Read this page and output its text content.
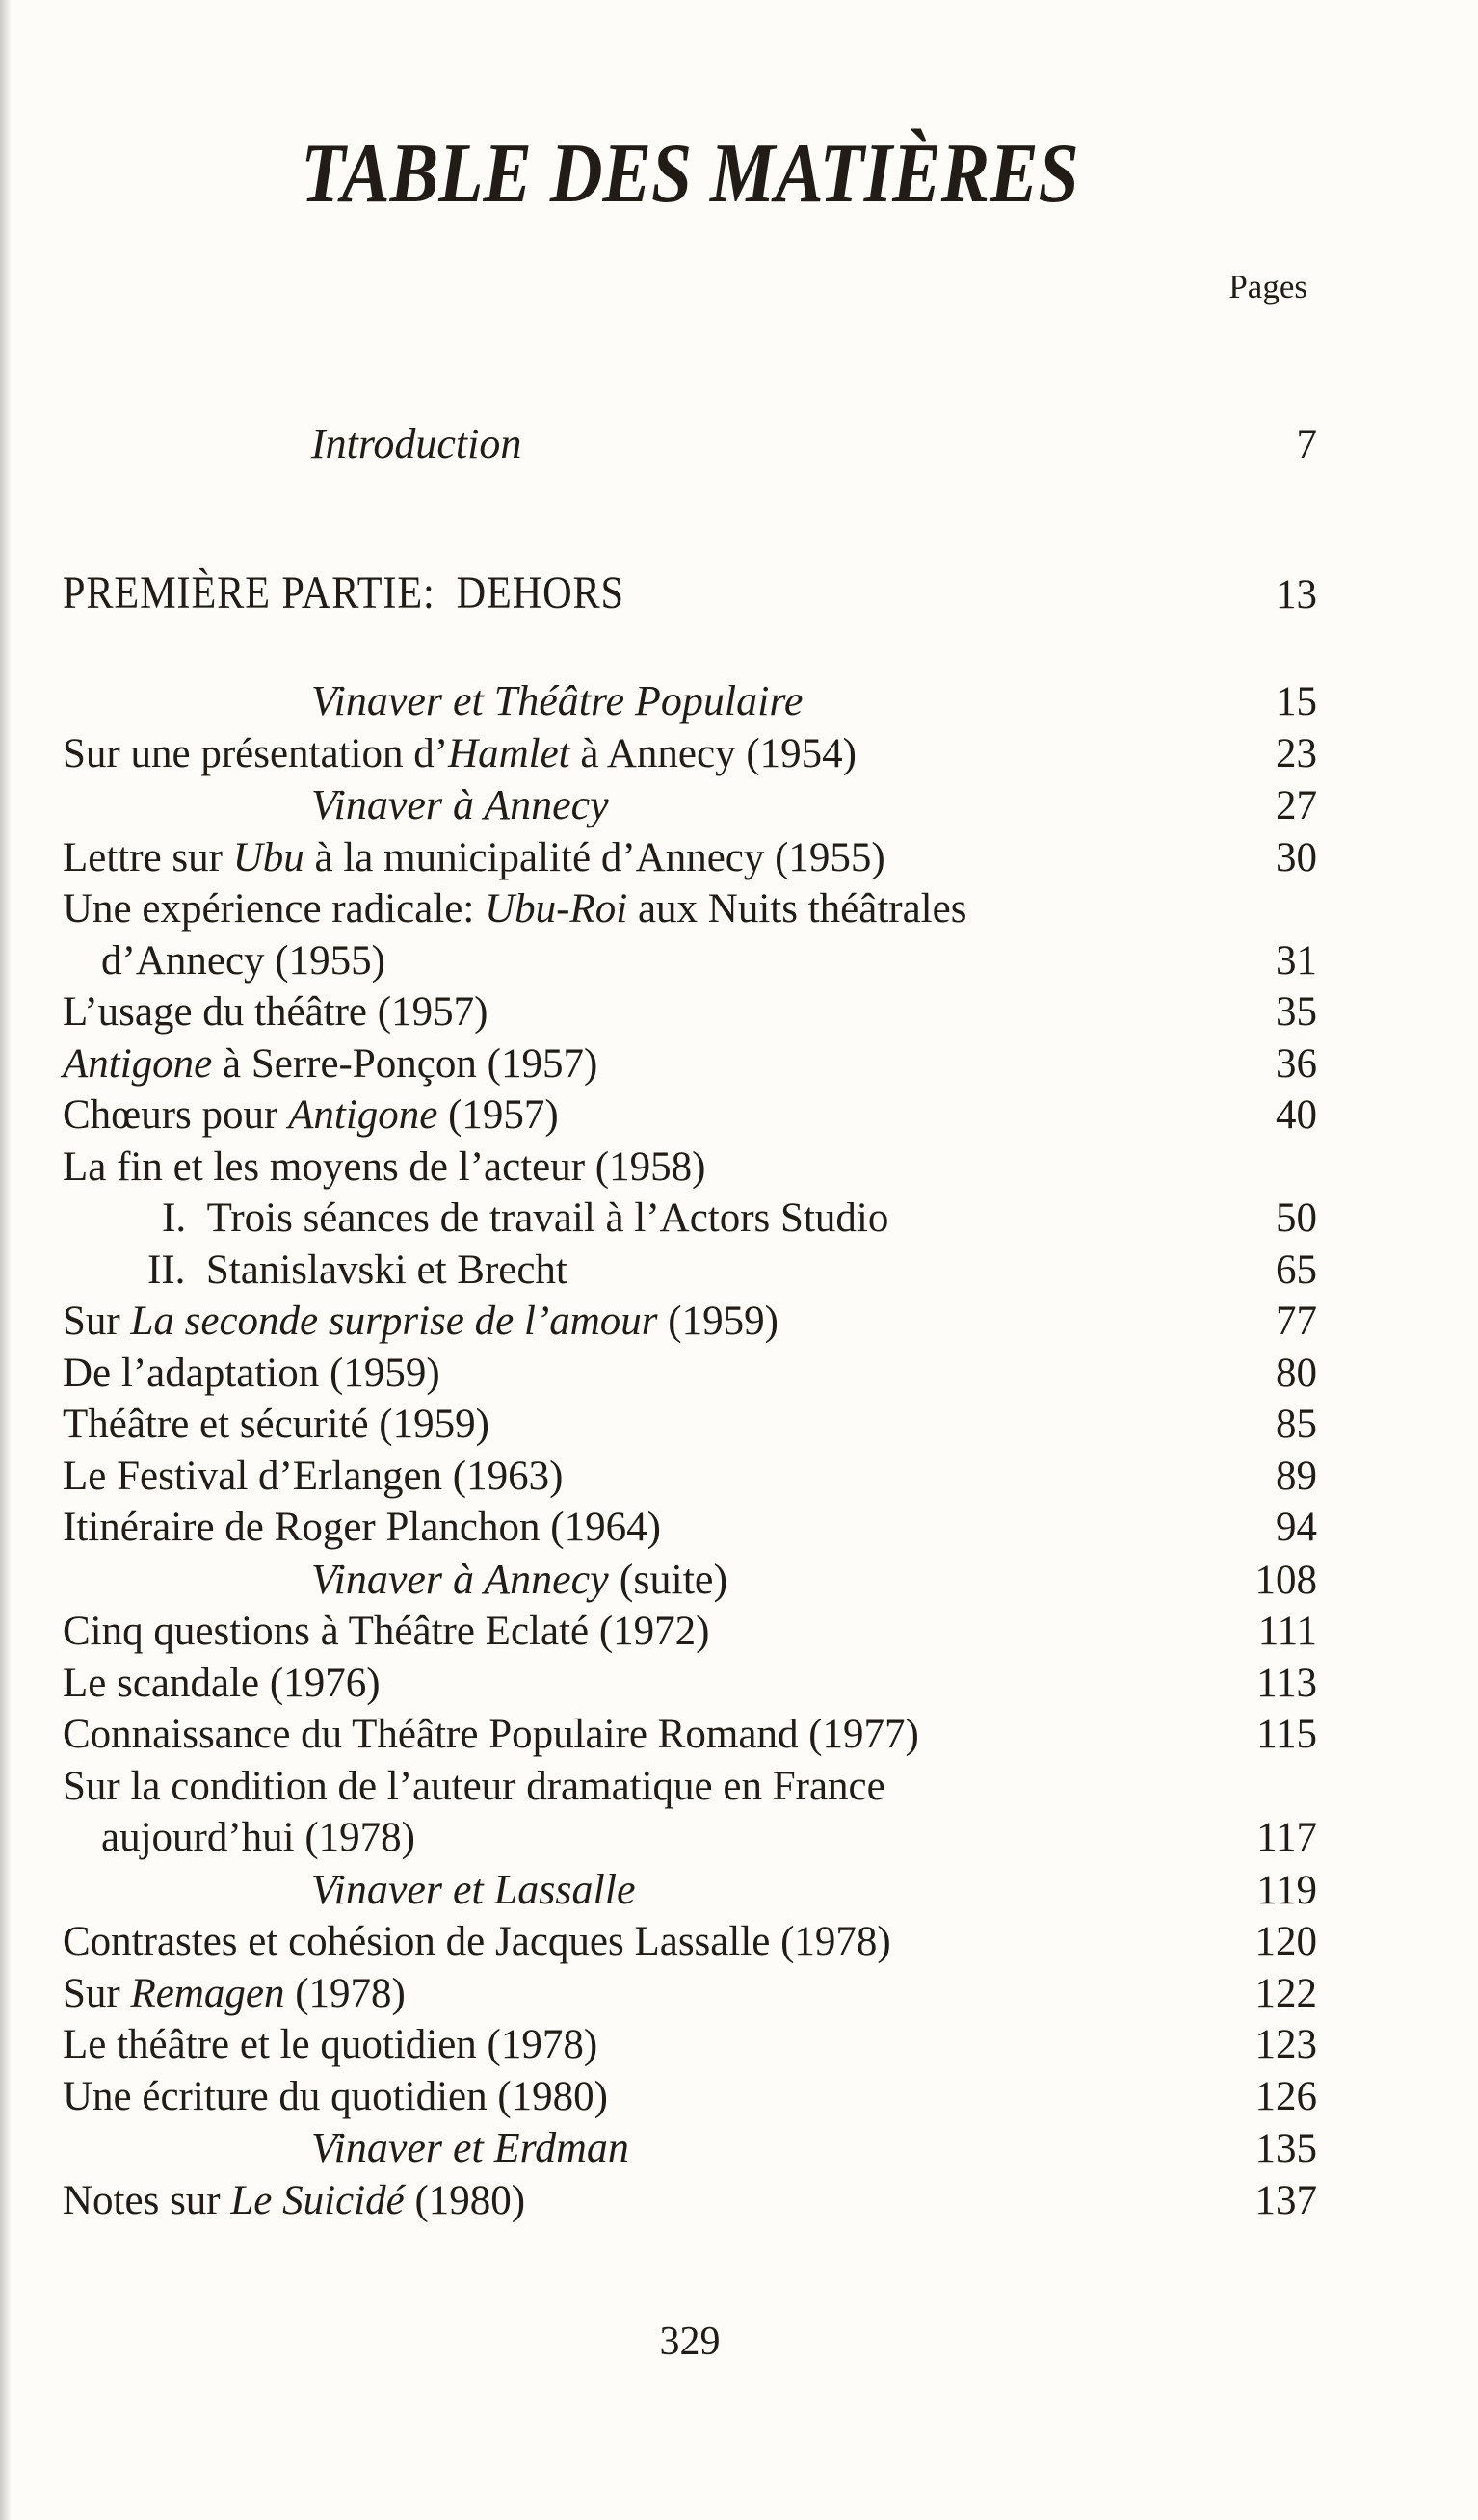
TABLE DES MATIÈRES
Pages
Introduction	7
PREMIÈRE PARTIE: DEHORS	13
Vinaver et Théâtre Populaire	15
Sur une présentation d’Hamlet à Annecy (1954)	23
Vinaver à Annecy	27
Lettre sur Ubu à la municipalité d’Annecy (1955)	30
Une expérience radicale: Ubu-Roi aux Nuits théâtrales
d’Annecy (1955)	31
L’usage du théâtre (1957)	35
Antigone à Serre-Ponçon (1957)	36
Chœurs pour Antigone (1957)	40
La fin et les moyens de l’acteur (1958)
I. Trois séances de travail à l’Actors Studio	50
II. Stanislavski et Brecht	65
Sur La seconde surprise de l’amour (1959)	77
De l’adaptation (1959)	80
Théâtre et sécurité (1959)	85
Le Festival d’Erlangen (1963)	89
Itinéraire de Roger Planchon (1964)	94
Vinaver à Annecy (suite)	108
Cinq questions à Théâtre Eclaté (1972)	111
Le scandale (1976)	113
Connaissance du Théâtre Populaire Romand (1977)	115
Sur la condition de l’auteur dramatique en France
aujourd’hui (1978)	117
Vinaver et Lassalle	119
Contrastes et cohésion de Jacques Lassalle (1978)	120
Sur Remagen (1978)	122
Le théâtre et le quotidien (1978)	123
Une écriture du quotidien (1980)	126
Vinaver et Erdman	135
Notes sur Le Suicidé (1980)	137
329
